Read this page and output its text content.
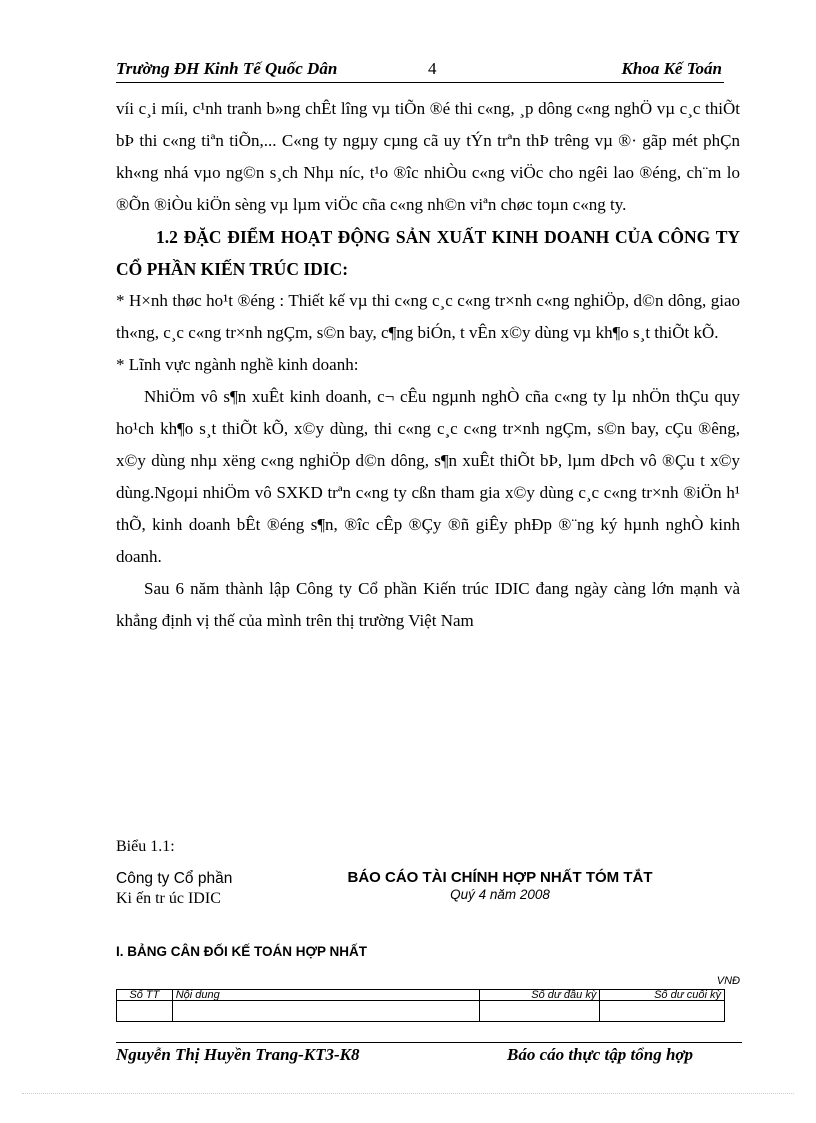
Trường ĐH Kinh Tế Quốc Dân	4	Khoa Kế Toán

víi c¸i míi, c¹nh tranh b»ng chÊt lîng vµ tiÕn ®é thi c«ng, ¸p dông c«ng nghÖ vµ c¸c thiÕt bÞ thi c«ng tiªn tiÕn,... C«ng ty ngµy cµng cã uy tÝn trªn thÞ trêng vµ ®· gãp mét phÇn kh«ng nhá vµo ng©n s¸ch Nhµ níc, t¹o ®îc nhiÒu c«ng viÖc cho ngêi lao ®éng, ch¨m lo ®Õn ®iÒu kiÖn sèng vµ lµm viÖc cña c«ng nh©n viªn chøc toµn c«ng ty.

1.2 ĐẶC ĐIỂM HOẠT ĐỘNG SẢN XUẤT KINH DOANH CỦA CÔNG TY CỔ PHẦN KIẾN TRÚC IDIC:

* H×nh thøc ho¹t ®éng : Thiết kế vµ thi c«ng c¸c c«ng tr×nh c«ng nghiÖp, d©n dông, giao th«ng, c¸c c«ng tr×nh ngÇm, s©n bay, c¶ng biÓn, t vÊn x©y dùng vµ kh¶o s¸t thiÕt kÕ.

* Lĩnh vực ngành nghề kinh doanh:

NhiÖm vô s¶n xuÊt kinh doanh, c¬ cÊu ngµnh nghÒ cña c«ng ty lµ nhÖn thÇu quy ho¹ch kh¶o s¸t thiÕt kÕ, x©y dùng, thi c«ng c¸c c«ng tr×nh ngÇm, s©n bay, cÇu ®êng, x©y dùng nhµ xëng c«ng nghiÖp d©n dông, s¶n xuÊt thiÕt bÞ, lµm dÞch vô ®Çu t x©y dùng.Ngoµi nhiÖm vô SXKD trªn c«ng ty cßn tham gia x©y dùng c¸c c«ng tr×nh ®iÖn h¹ thÕ, kinh doanh bÊt ®éng s¶n, ®îc cÊp ®Çy ®ñ giÊy phÐp ®¨ng ký hµnh nghÒ kinh doanh.

Sau 6 năm thành lập Công ty Cổ phần Kiến trúc IDIC đang ngày càng lớn mạnh và khẳng định vị thế của mình trên thị trường Việt Nam

Biểu 1.1:
Công ty Cổ phần
Ki ến tr úc IDIC
BÁO CÁO TÀI CHÍNH HỢP NHẤT TÓM TẮT
Quý 4 năm 2008
I. BẢNG CÂN ĐỐI KẾ TOÁN HỢP NHẤT
VNĐ
Số TT	Nội dung	Số dư đầu kỳ	Số dư cuối kỳ

Nguyễn Thị Huyền Trang-KT3-K8	Báo cáo thực tập tổng hợp
